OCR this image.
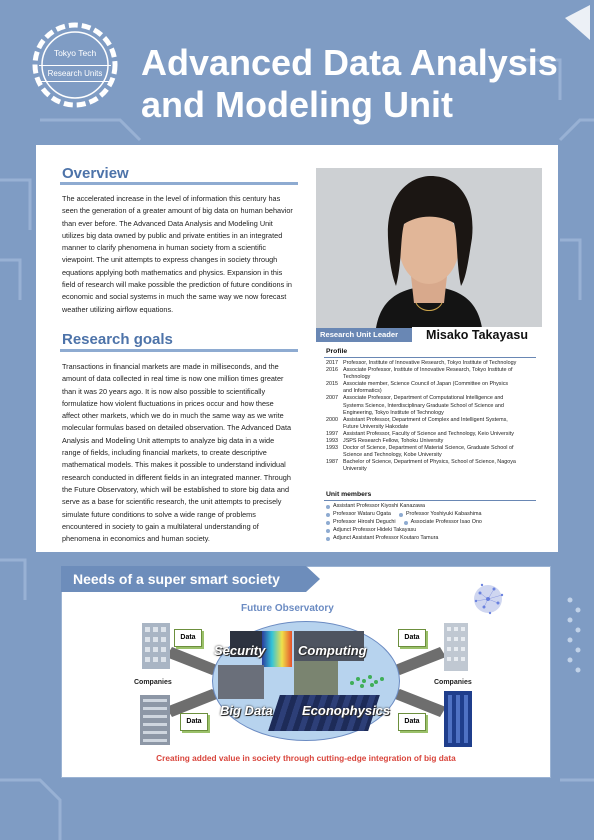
Tokyo Tech
Research Units Advanced Data Analysis
and Modeling Unit
Overview
The accelerated increase in the level of information this century has
seen the generation of a greater amount of big data on human behavior
than ever before. The Advanced Data Analysis and Modeling Unit
utilizes big data owned by public and private entities in an integrated
manner to clarify phenomena in human society from a scientific
viewpoint. The unit attempts to express changes in society through
equations applying both mathematics and physics. Expansion in this
field of research will make possible the prediction of future conditions in
economic and social systems in much the same way we now forecast
weather utilizing airflow equations.
Research goals
Transactions in financial markets are made in milliseconds, and the
amount of data collected in real time is now one million times greater
than it was 20 years ago. It is now also possible to scientifically
formulatize how violent fluctuations in prices occur and how these
affect other markets, which we do in much the same way as we write
molecular formulas based on detailed observation. The Advanced Data
Analysis and Modeling Unit attempts to analyze big data in a wide
range of fields, including financial markets, to create descriptive
mathematical models. This makes it possible to understand individual
research conducted in different fields in an integrated manner. Through
the Future Observatory, which will be established to store big data and
serve as a base for scientific research, the unit attempts to precisely
simulate future conditions to solve a wide range of problems
encountered in society to gain a multilateral understanding of
phenomena in economics and human society.
Research Unit Leader	Misako Takayasu
Profile
2017 Professor, Institute of Innovative Research, Tokyo Institute of Technology
2016 Associate Professor, Institute of Innovative Research, Tokyo Institute of
Technology
2015 Associate member, Science Council of Japan (Committee on Physics
and Informatics)
2007 Associate Professor, Department of Computational Intelligence and
Systems Science, Interdisciplinary Graduate School of Science and
Engineering, Tokyo Institute of Technology
2000 Assistant Professor, Department of Complex and Intelligent Systems,
Future University Hakodate
1997 Assistant Professor, Faculty of Science and Technology, Keio University
1993 JSPS Research Fellow, Tohoku University
1993 Doctor of Science, Department of Material Science, Graduate School of
Science and Technology, Kobe University
1987 Bachelor of Science, Department of Physics, School of Science, Nagoya
University
Unit members
Assistant Professor Kiyoshi Kanazawa
Professor Wataru Ogata	Professor Yoshiyuki Kabashima
Professor Hiroshi Deguchi	Associate Professor Isao Ono
Adjunct Professor Hideki Takayasu
Adjunct Assistant Professor Koutaro Tamura
Needs of a super smart society
Future Observatory
Security	Computing
Big Data Econophysics
Data
Data
Data
Data
Companies	Companies
Creating added value in society through cutting-edge integration of big data
